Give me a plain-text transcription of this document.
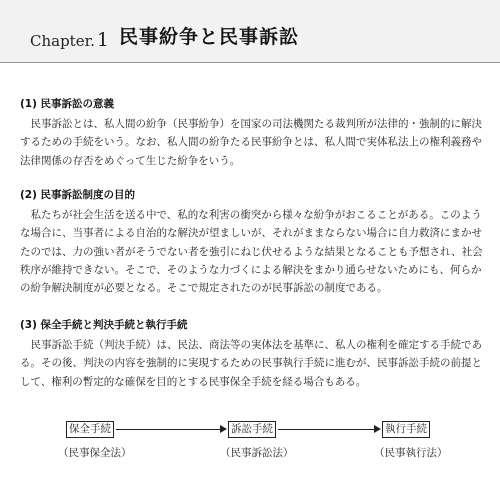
Chapter. 1 民事紛争と民事訴訟

(1) 民事訴訟の意義

民事訴訟とは、私人間の紛争（民事紛争）を国家の司法機関たる裁判所が法律的・強制的に解決するための手続をいう。なお、私人間の紛争たる民事紛争とは、私人間で実体私法上の権利義務や法律関係の存否をめぐって生じた紛争をいう。

(2) 民事訴訟制度の目的

私たちが社会生活を送る中で、私的な利害の衝突から様々な紛争がおこることがある。このような場合に、当事者による自治的な解決が望ましいが、それがままならない場合に自力救済にまかせたのでは、力の強い者がそうでない者を強引にねじ伏せるような結果となることも予想され、社会秩序が維持できない。そこで、そのような力づくによる解決をまかり通らせないためにも、何らかの紛争解決制度が必要となる。そこで規定されたのが民事訴訟の制度である。

(3) 保全手続と判決手続と執行手続

民事訴訟手続（判決手続）は、民法、商法等の実体法を基準に、私人の権利を確定する手続である。その後、判決の内容を強制的に実現するための民事執行手続に進むが、民事訴訟手続の前提として、権利の暫定的な確保を目的とする民事保全手続を経る場合もある。

保全手続
（民事保全法）
訴訟手続
（民事訴訟法）
執行手続
（民事執行法）
